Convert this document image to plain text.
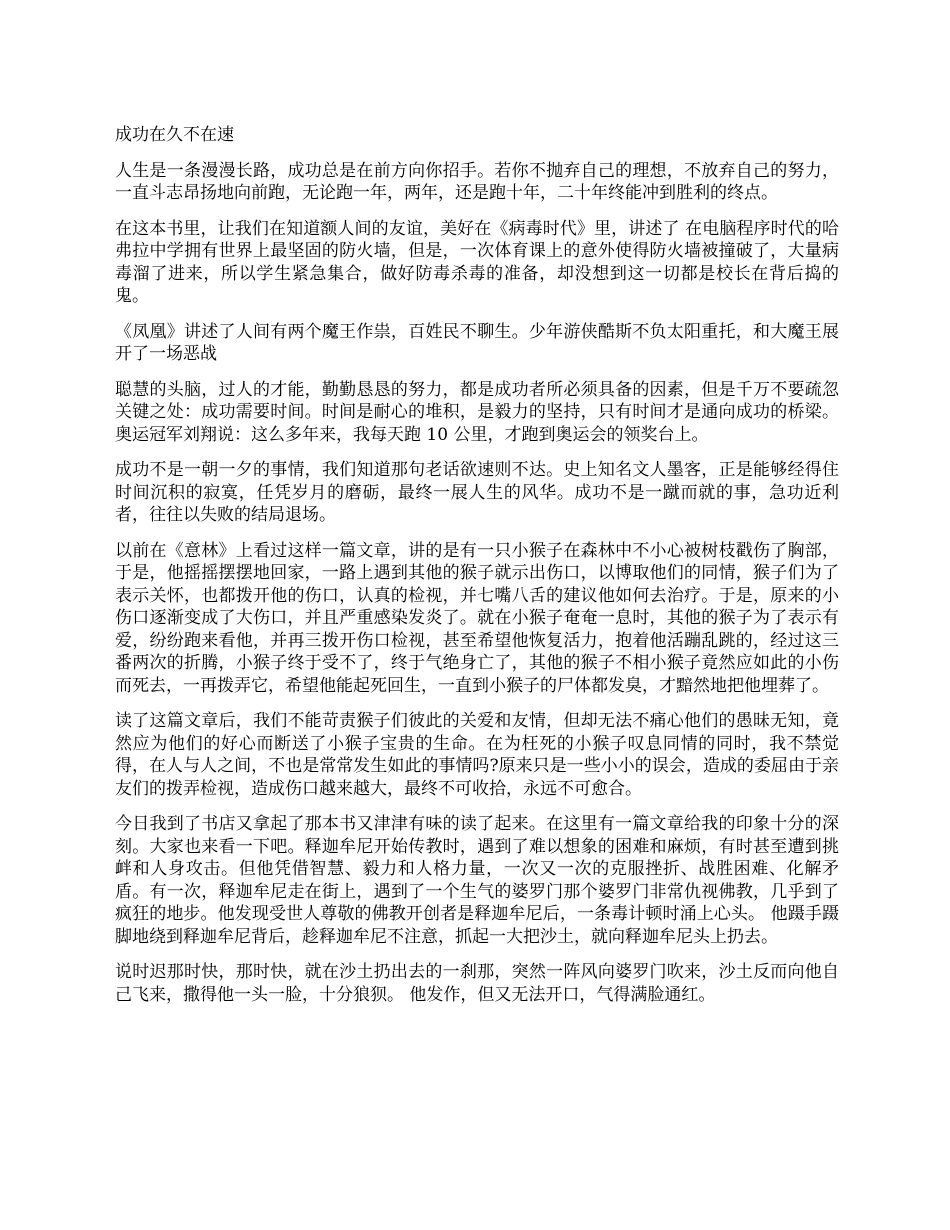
成功在久不在速

人生是一条漫漫长路，成功总是在前方向你招手。若你不抛弃自己的理想，不放弃自己的努力，一直斗志昂扬地向前跑，无论跑一年，两年，还是跑十年，二十年终能冲到胜利的终点。

在这本书里，让我们在知道额人间的友谊，美好在《病毒时代》里，讲述了 在电脑程序时代的哈弗拉中学拥有世界上最坚固的防火墙，但是，一次体育课上的意外使得防火墙被撞破了，大量病毒溜了进来，所以学生紧急集合，做好防毒杀毒的准备，却没想到这一切都是校长在背后捣的鬼。

《凤凰》讲述了人间有两个魔王作祟，百姓民不聊生。少年游侠酷斯不负太阳重托，和大魔王展开了一场恶战

聪慧的头脑，过人的才能，勤勤恳恳的努力，都是成功者所必须具备的因素，但是千万不要疏忽关键之处：成功需要时间。时间是耐心的堆积，是毅力的坚持，只有时间才是通向成功的桥梁。奥运冠军刘翔说：这么多年来，我每天跑 10 公里，才跑到奥运会的领奖台上。

成功不是一朝一夕的事情，我们知道那句老话欲速则不达。史上知名文人墨客，正是能够经得住时间沉积的寂寞，任凭岁月的磨砺，最终一展人生的风华。成功不是一蹴而就的事，急功近利者，往往以失败的结局退场。

以前在《意林》上看过这样一篇文章，讲的是有一只小猴子在森林中不小心被树枝戳伤了胸部，于是，他摇摇摆摆地回家，一路上遇到其他的猴子就示出伤口，以博取他们的同情，猴子们为了表示关怀，也都拨开他的伤口，认真的检视，并七嘴八舌的建议他如何去治疗。于是，原来的小伤口逐渐变成了大伤口，并且严重感染发炎了。就在小猴子奄奄一息时，其他的猴子为了表示有爱，纷纷跑来看他，并再三拨开伤口检视，甚至希望他恢复活力，抱着他活蹦乱跳的，经过这三番两次的折腾，小猴子终于受不了，终于气绝身亡了，其他的猴子不相小猴子竟然应如此的小伤而死去，一再拨弄它，希望他能起死回生，一直到小猴子的尸体都发臭，才黯然地把他埋葬了。

读了这篇文章后，我们不能苛责猴子们彼此的关爱和友情，但却无法不痛心他们的愚昧无知，竟然应为他们的好心而断送了小猴子宝贵的生命。在为枉死的小猴子叹息同情的同时，我不禁觉得，在人与人之间，不也是常常发生如此的事情吗?原来只是一些小小的误会，造成的委屈由于亲友们的拨弄检视，造成伤口越来越大，最终不可收拾，永远不可愈合。

今日我到了书店又拿起了那本书又津津有味的读了起来。在这里有一篇文章给我的印象十分的深刻。大家也来看一下吧。释迦牟尼开始传教时，遇到了难以想象的困难和麻烦，有时甚至遭到挑衅和人身攻击。但他凭借智慧、毅力和人格力量，一次又一次的克服挫折、战胜困难、化解矛盾。有一次，释迦牟尼走在街上，遇到了一个生气的婆罗门那个婆罗门非常仇视佛教，几乎到了疯狂的地步。他发现受世人尊敬的佛教开创者是释迦牟尼后，一条毒计顿时涌上心头。 他蹑手蹑脚地绕到释迦牟尼背后，趁释迦牟尼不注意，抓起一大把沙土，就向释迦牟尼头上扔去。

说时迟那时快，那时快，就在沙土扔出去的一刹那，突然一阵风向婆罗门吹来，沙土反而向他自己飞来，撒得他一头一脸，十分狼狈。 他发作，但又无法开口，气得满脸通红。
